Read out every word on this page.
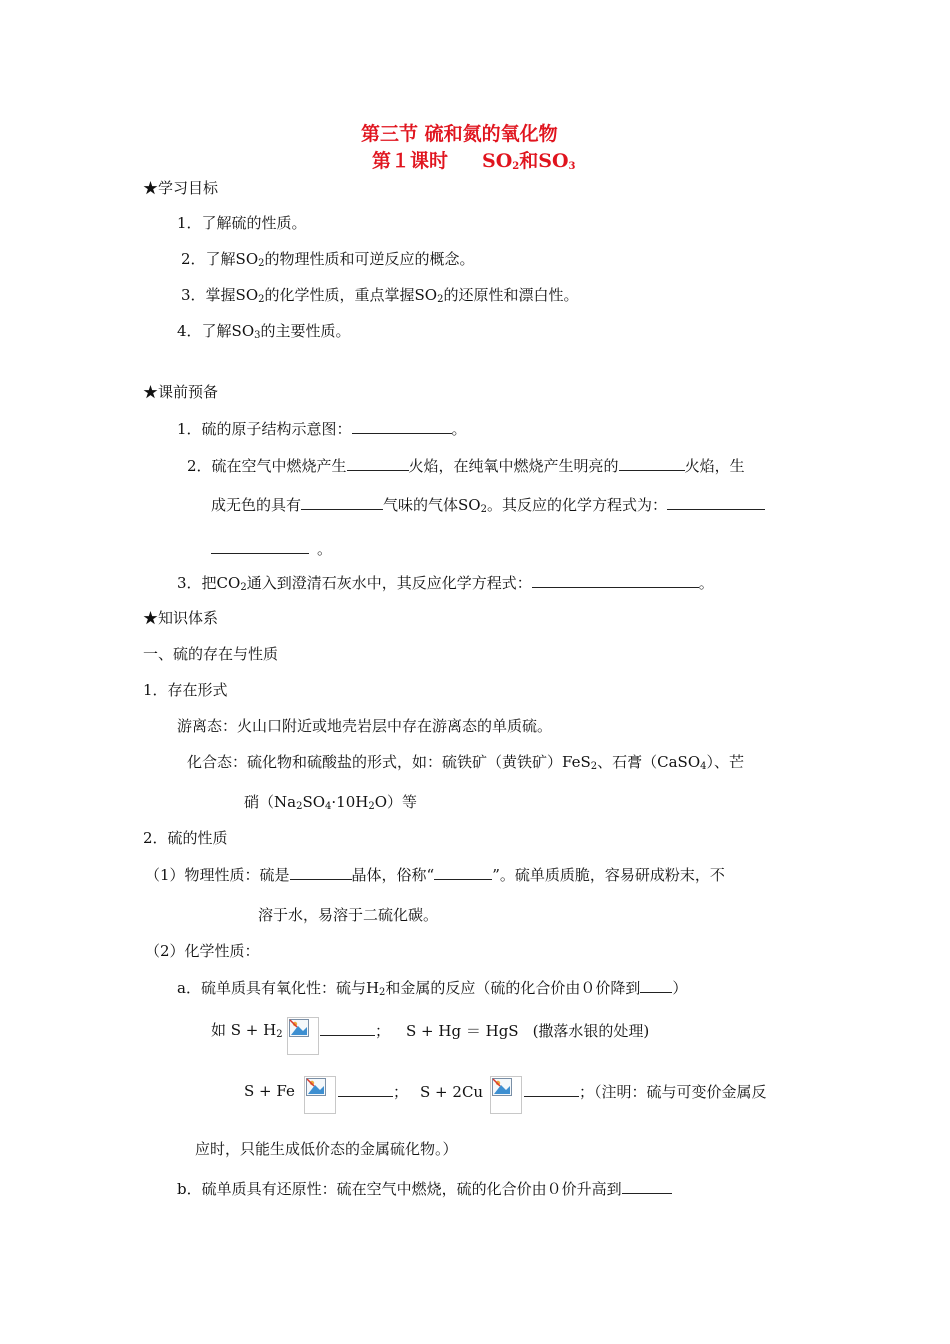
第三节 硫和氮的氧化物
第１课时 $SO_2$和$SO_3$
★学习目标
1．了解硫的性质。
2．了解$SO_2$的物理性质和可逆反应的概念。
3．掌握$SO_2$的化学性质，重点掌握$SO_2$的还原性和漂白性。
4．了解$SO_3$的主要性质。
★课前预备
1．硫的原子结构示意图：	。
2．硫在空气中燃烧产生	火焰，在纯氧中燃烧产生明亮的	火焰，生
成无色的具有	气味的气体$SO_2$。其反应的化学方程式为：
。
3．把$CO_2$通入到澄清石灰水中，其反应化学方程式：	。
★知识体系
一、硫的存在与性质
1．存在形式
游离态：火山口附近或地壳岩层中存在游离态的单质硫。
化合态：硫化物和硫酸盐的形式，如：硫铁矿（黄铁矿）FeS$_2$、石膏（CaSO$_4$）、芒
硝$(Na_2SO_4\cdot 10H_2O)$等
2．硫的性质
（1）物理性质：硫是	晶体，俗称“	”。硫单质质脆，容易研成粉末，不
溶于水，易溶于二硫化碳。
（2）化学性质：
a．硫单质具有氧化性：硫与$H_2$和金属的反应（硫的化合价由０价降到 ）
如 $S + H_2$	； S + Hg ＝ HgS (撒落水银的处理)
S + Fe	； S + 2Cu	；（注明：硫与可变价金属反
应时，只能生成低价态的金属硫化物。）
b．硫单质具有还原性：硫在空气中燃烧，硫的化合价由０价升高到
